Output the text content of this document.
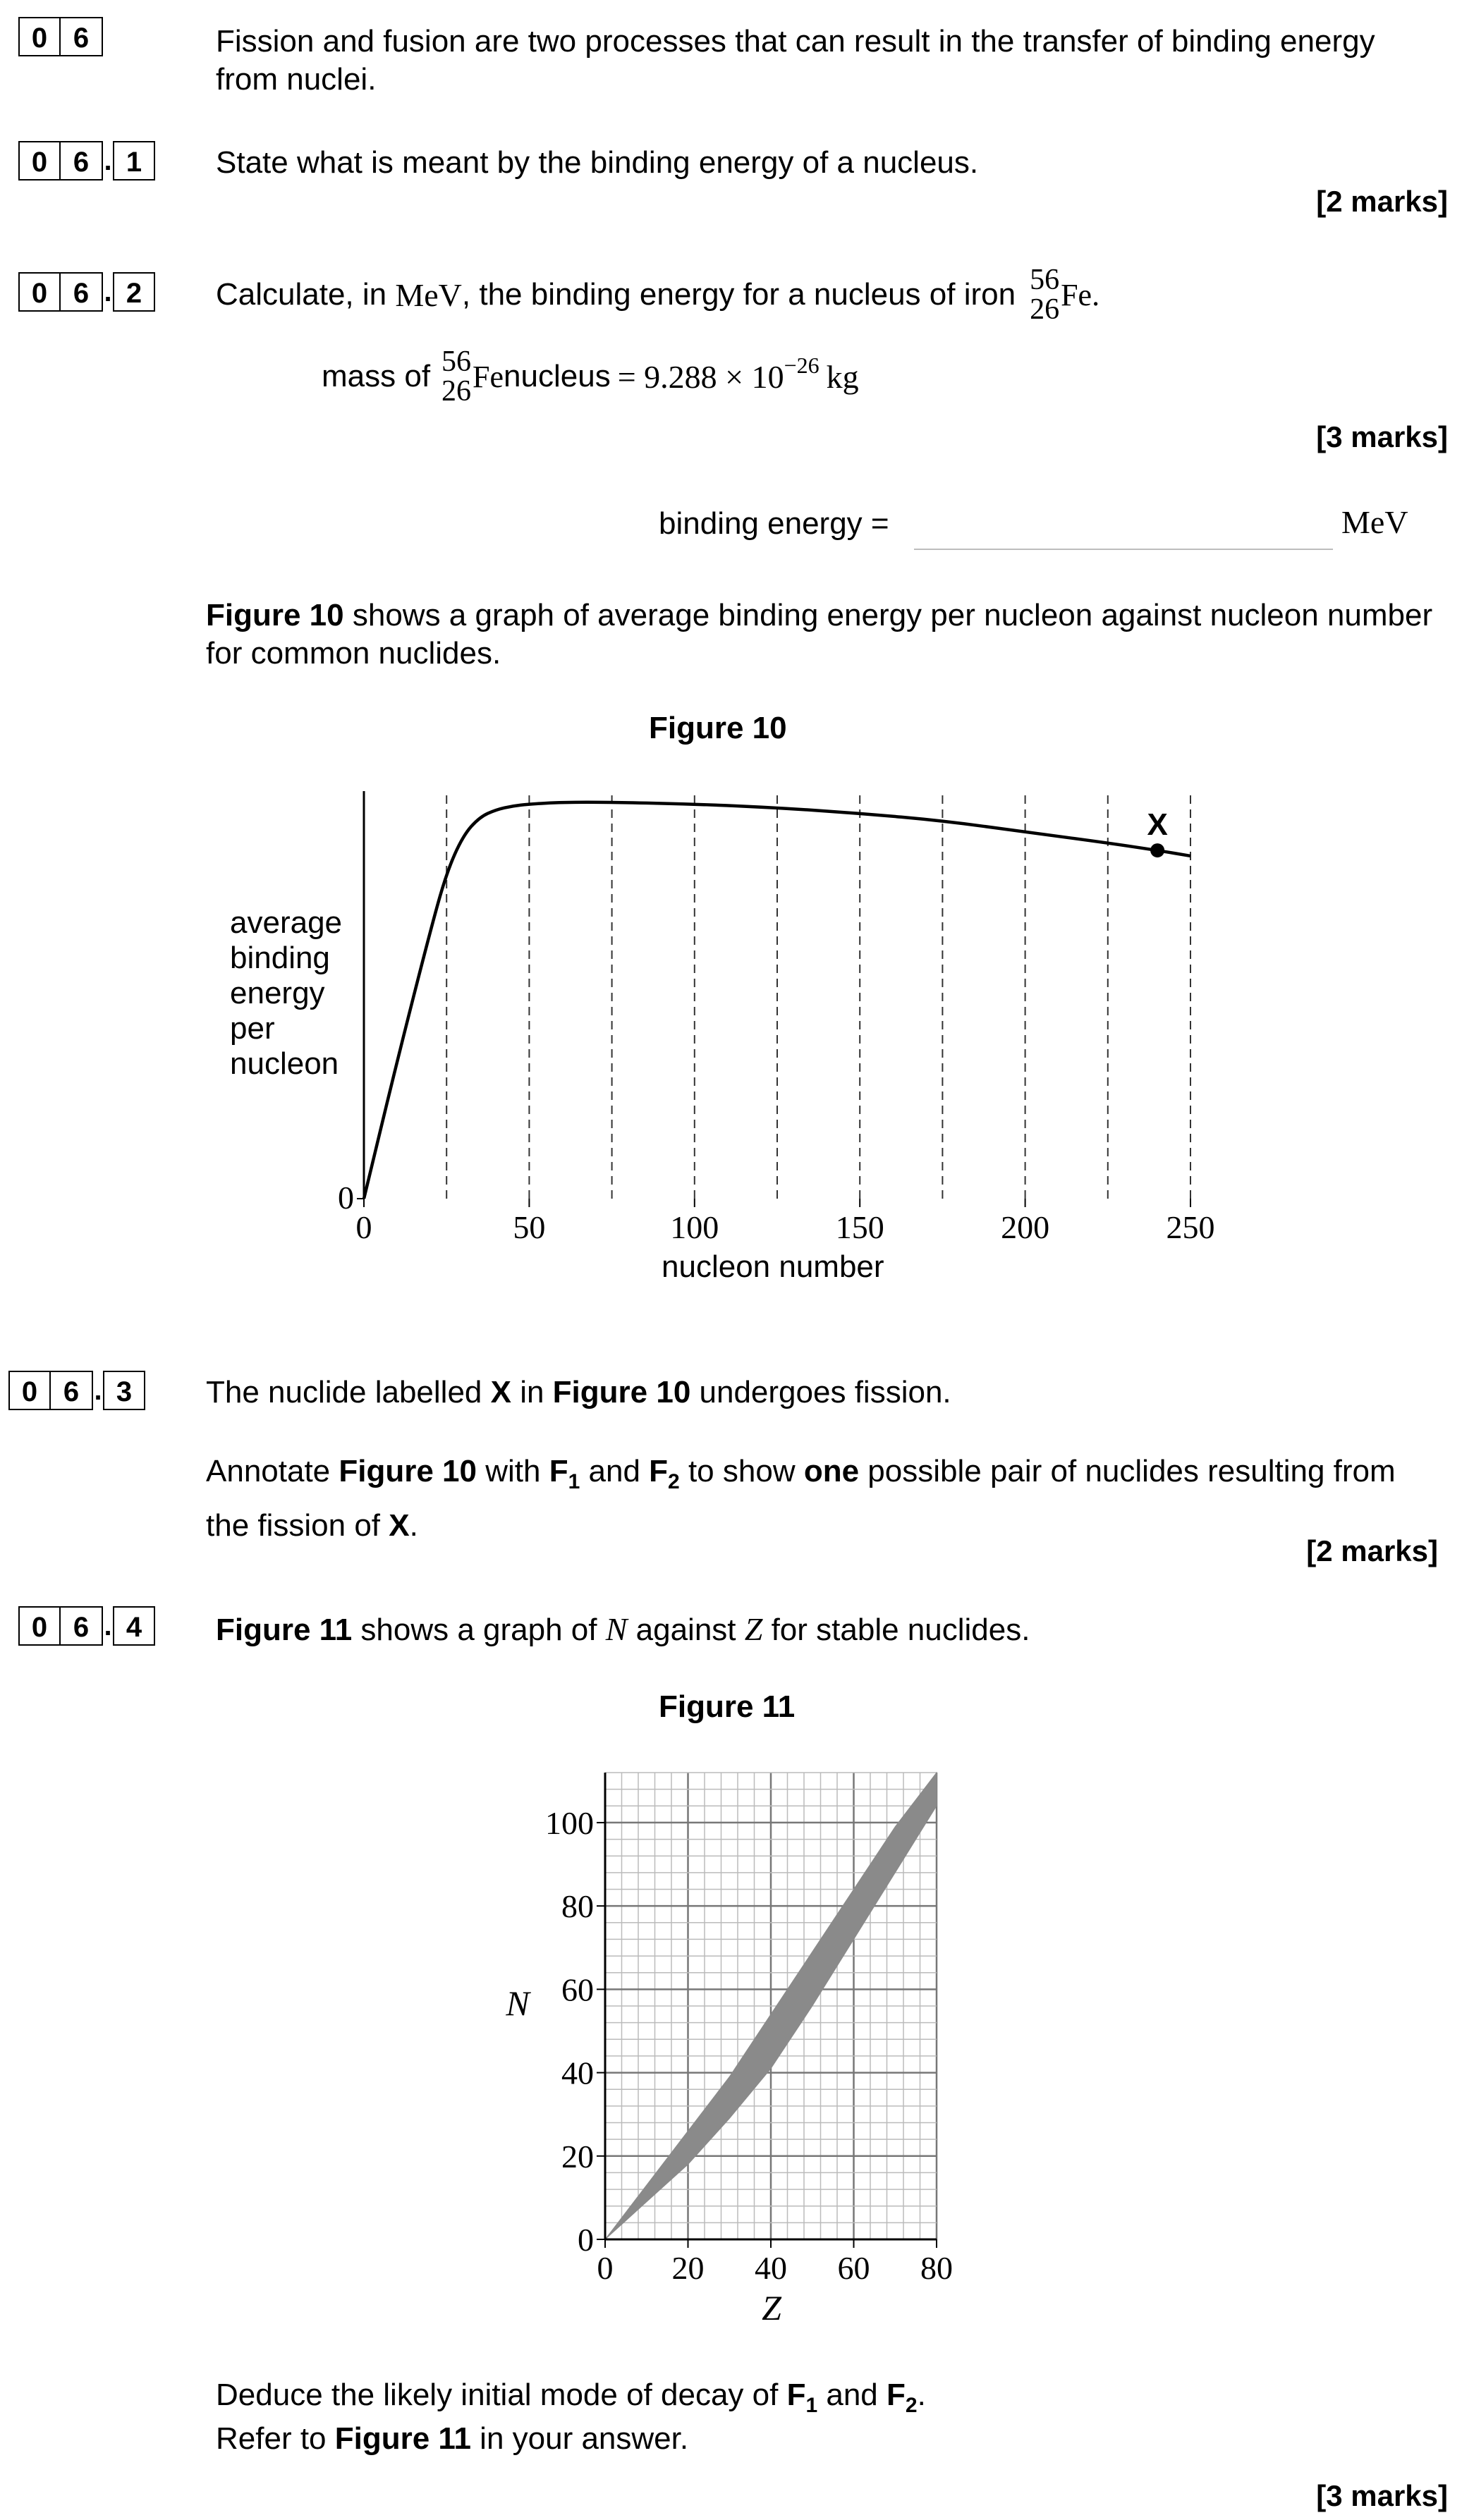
0 6	Fission and fusion are two processes that can result in the transfer of binding energy from nuclei.
0 6 . 1	State what is meant by the binding energy of a nucleus.
[2 marks]
0 6 . 2	Calculate, in MeV , the binding energy for a nucleus of iron 56
26 Fe .
mass of 56
26 Fe nucleus = $9.288 \times 10^{-26}$ kg
[3 marks]
binding energy =	MeV
Figure 10 shows a graph of average binding energy per nucleon against nucleon number for common nuclides.
Figure 10
average
binding
energy
per
nucleon
0	50	100	150	200	250
0
X
nucleon number
0 6 . 3	The nuclide labelled X in Figure 10 undergoes fission.
Annotate Figure 10 with $F_1$ and $F_2$ to show one possible pair of nuclides resulting from the fission of X.
[2 marks]
0 6 . 4	Figure 11 shows a graph of N against Z for stable nuclides.
Figure 11
0 20 40 60 80
0
20
40
60
80
100
N
Z
Deduce the likely initial mode of decay of $F_1$ and $F_2$.
Refer to Figure 11 in your answer.
[3 marks]
